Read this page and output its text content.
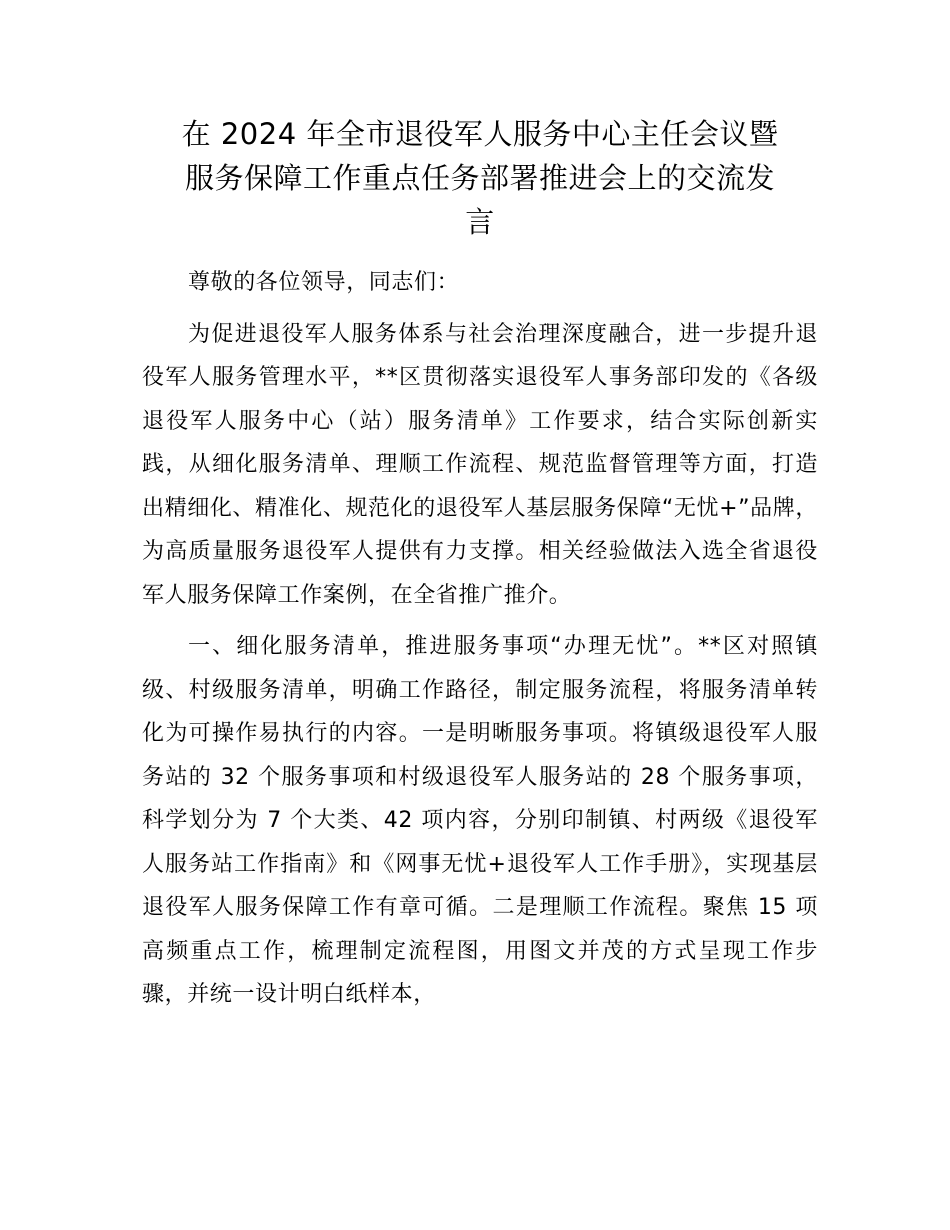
在 2024 年全市退役军人服务中心主任会议暨
服务保障工作重点任务部署推进会上的交流发
言

尊敬的各位领导，同志们：

为促进退役军人服务体系与社会治理深度融合，进一步提升退役军人服务管理水平，**区贯彻落实退役军人事务部印发的《各级退役军人服务中心（站）服务清单》工作要求，结合实际创新实践，从细化服务清单、理顺工作流程、规范监督管理等方面，打造出精细化、精准化、规范化的退役军人基层服务保障“无忧+”品牌，为高质量服务退役军人提供有力支撑。相关经验做法入选全省退役军人服务保障工作案例，在全省推广推介。

一、细化服务清单，推进服务事项“办理无忧”。**区对照镇级、村级服务清单，明确工作路径，制定服务流程，将服务清单转化为可操作易执行的内容。一是明晰服务事项。将镇级退役军人服务站的 32 个服务事项和村级退役军人服务站的 28 个服务事项，科学划分为 7 个大类、42 项内容，分别印制镇、村两级《退役军人服务站工作指南》和《网事无忧+退役军人工作手册》，实现基层退役军人服务保障工作有章可循。二是理顺工作流程。聚焦 15 项高频重点工作，梳理制定流程图，用图文并茂的方式呈现工作步骤，并统一设计明白纸样本，
